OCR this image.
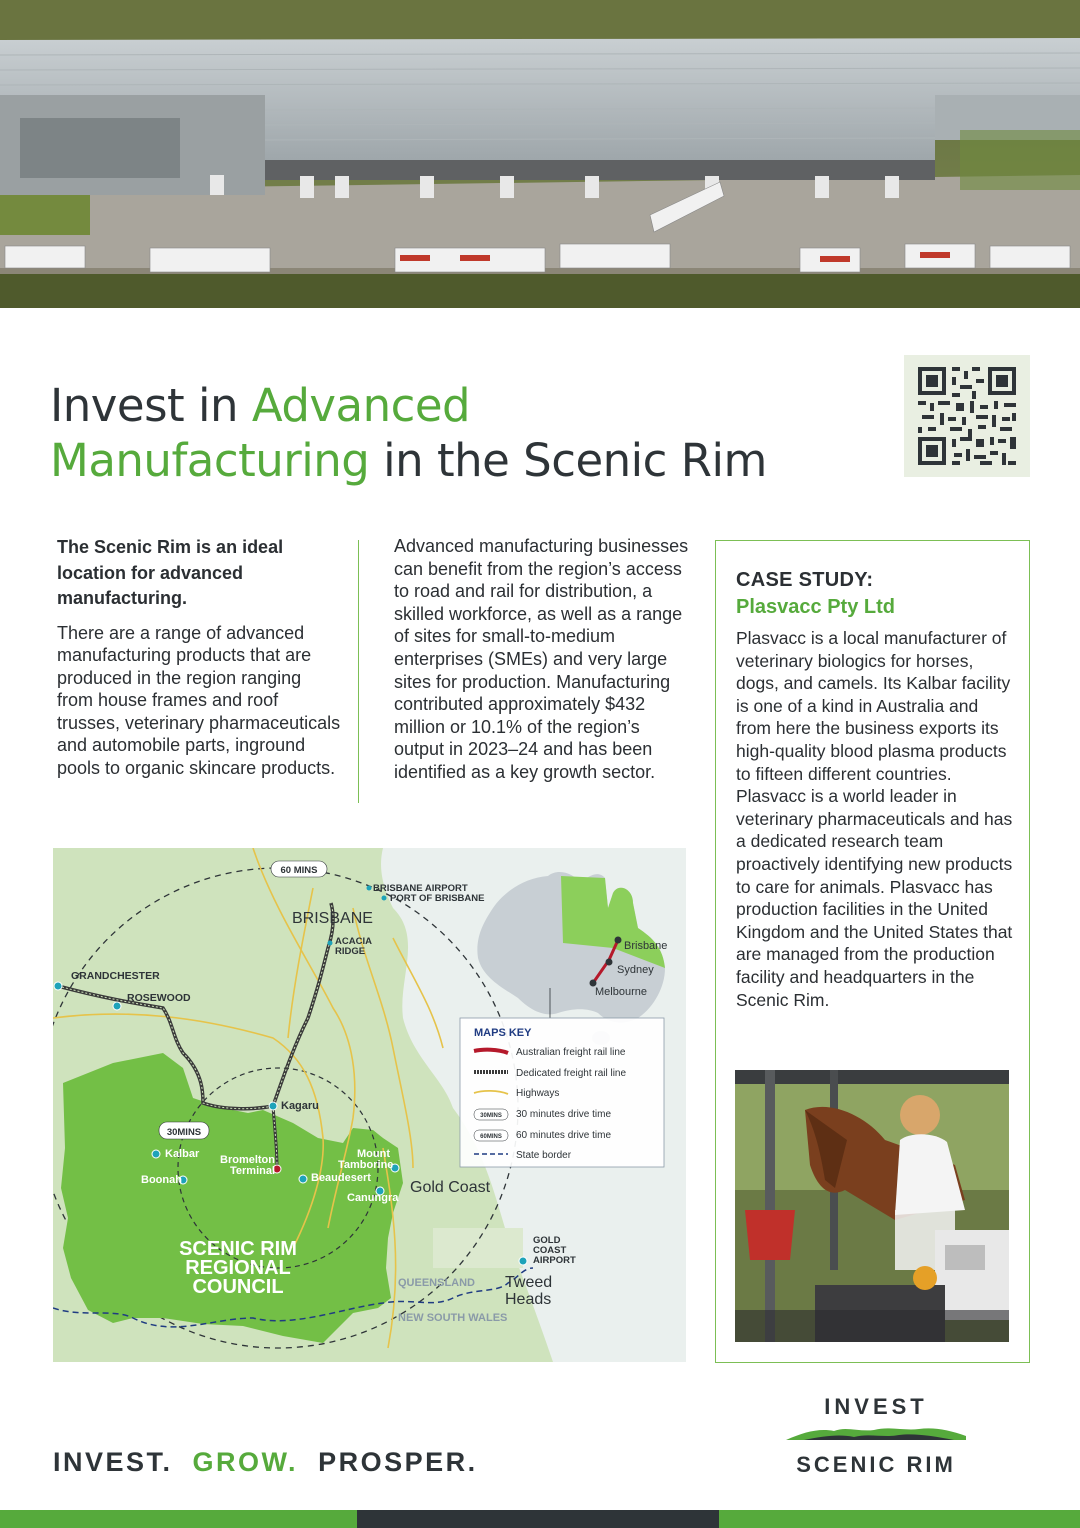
Invest in Advanced
Manufacturing in the Scenic Rim

The Scenic Rim is an ideal location for advanced manufacturing.

There are a range of advanced manufacturing products that are produced in the region ranging from house frames and roof trusses, veterinary pharmaceuticals and automobile parts, inground pools to organic skincare products.

Advanced manufacturing businesses can benefit from the region’s access to road and rail for distribution, a skilled workforce, as well as a range of sites for small-to-medium enterprises (SMEs) and very large sites for production. Manufacturing contributed approximately $432 million or 10.1% of the region’s output in 2023–24 and has been identified as a key growth sector.

CASE STUDY:
Plasvacc Pty Ltd

Plasvacc is a local manufacturer of veterinary biologics for horses, dogs, and camels. Its Kalbar facility is one of a kind in Australia and from here the business exports its high-quality blood plasma products to fifteen different countries. Plasvacc is a world leader in veterinary pharmaceuticals and has a dedicated research team proactively identifying new products to care for animals. Plasvacc has production facilities in the United Kingdom and the United States that are managed from the production facility and headquarters in the Scenic Rim.

60 MINS
30MINS
BRISBANE AIRPORT
PORT OF BRISBANE
BRISBANE
ACACIA
RIDGE
GRANDCHESTER
ROSEWOOD
Kagaru
Kalbar
Boonah
Bromelton
Terminal
Beaudesert
Mount
Tamborine
Canungra
Gold Coast
GOLD
COAST
AIRPORT
Tweed
Heads
QUEENSLAND
NEW SOUTH WALES
SCENIC RIM
REGIONAL
COUNCIL
Brisbane
Sydney
Melbourne
MAPS KEY
Australian freight rail line
Dedicated freight rail line
Highways
30MINS 30 minutes drive time
60MINS 60 minutes drive time
State border
INVEST. GROW. PROSPER.
INVEST
SCENIC RIM
